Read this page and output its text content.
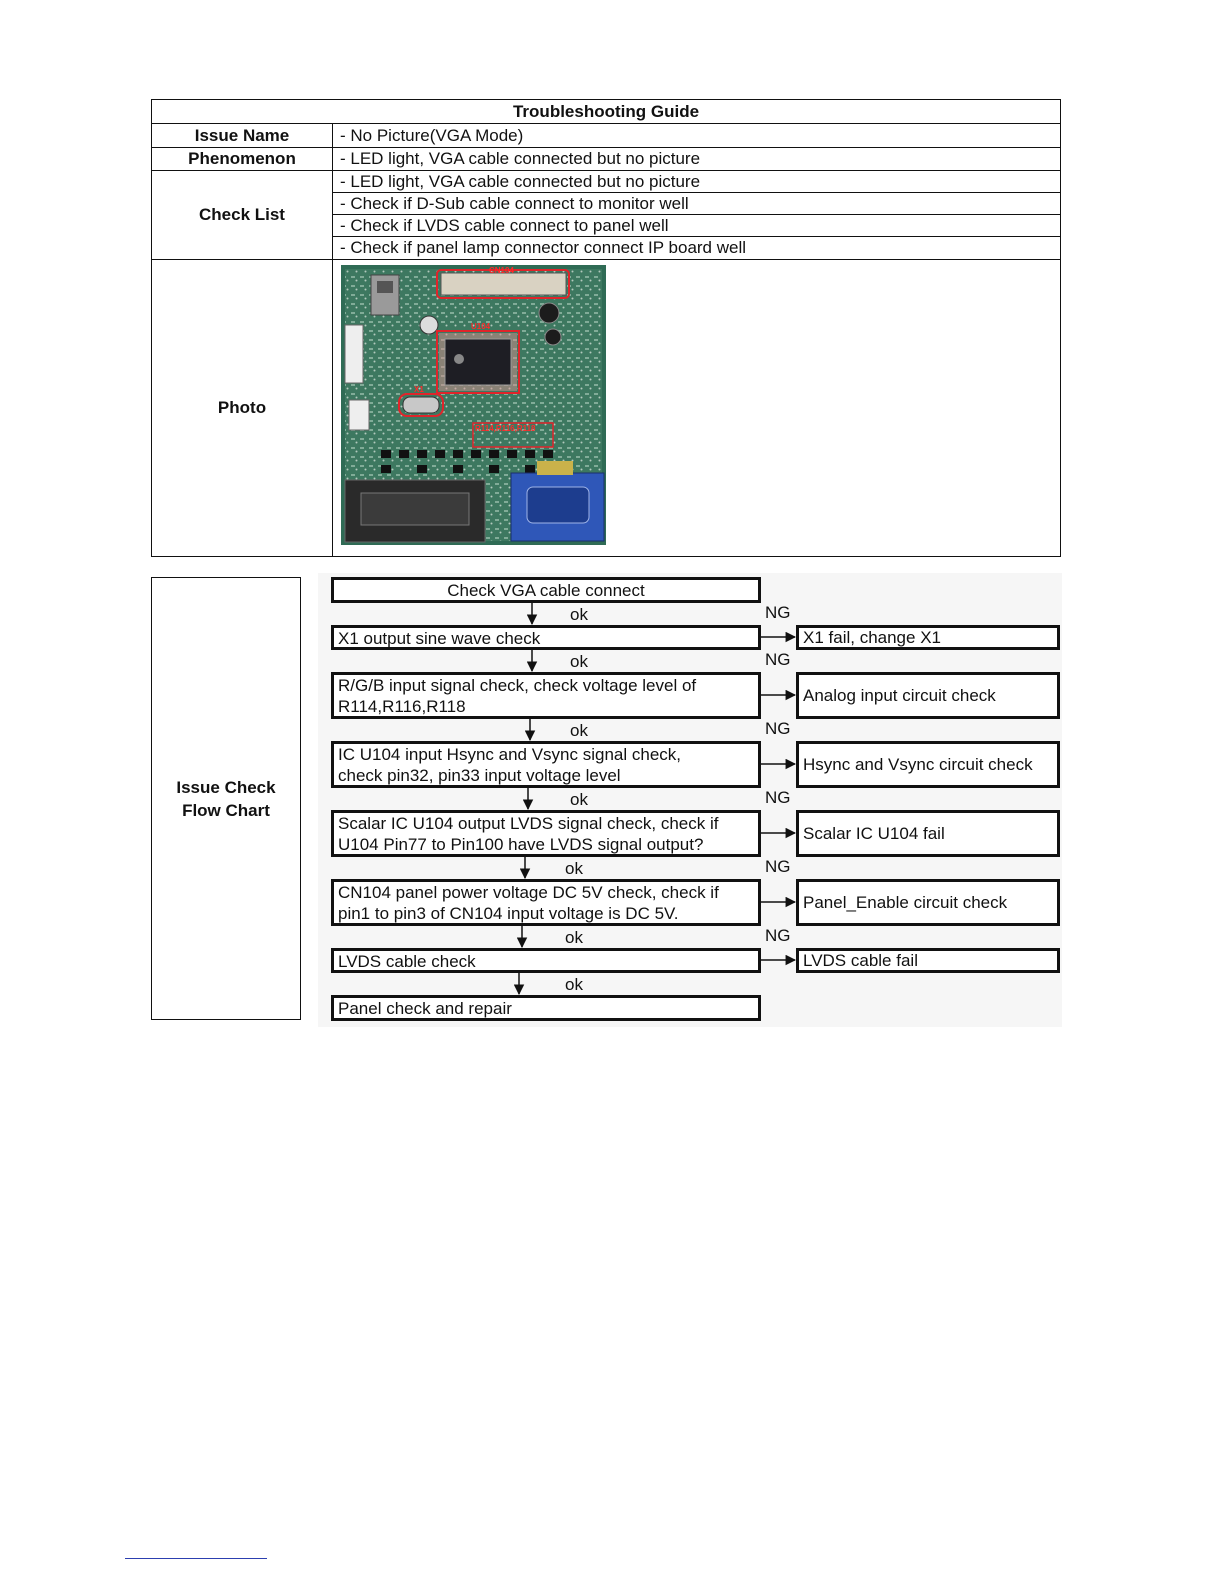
Troubleshooting Guide	
Issue Name	- No Picture(VGA Mode)
Phenomenon	- LED light, VGA cable connected but no picture
Check List	- LED light, VGA cable connected but no picture
	- Check if D-Sub cable connect to monitor well
	- Check if LVDS cable connect to panel well
	- Check if panel lamp connector connect IP board well
Photo	CN104
U104
X1
R114,R116,R118
Issue Check
Flow Chart
Check VGA cable connect
X1 output sine wave check
R/G/B input signal check, check voltage level of
R114,R116,R118
IC U104 input Hsync and Vsync signal check,
check pin32, pin33 input voltage level
Scalar IC U104 output LVDS signal check, check if
U104 Pin77 to Pin100 have LVDS signal output?
CN104 panel power voltage DC 5V check, check if
pin1 to pin3 of CN104 input voltage is DC 5V.
LVDS cable check
Panel check and repair
X1 fail, change X1
Analog input circuit check
Hsync and Vsync circuit check
Scalar IC U104 fail
Panel_Enable circuit check
LVDS cable fail
ok
ok
ok
ok
ok
ok
ok
NG
NG
NG
NG
NG
NG
